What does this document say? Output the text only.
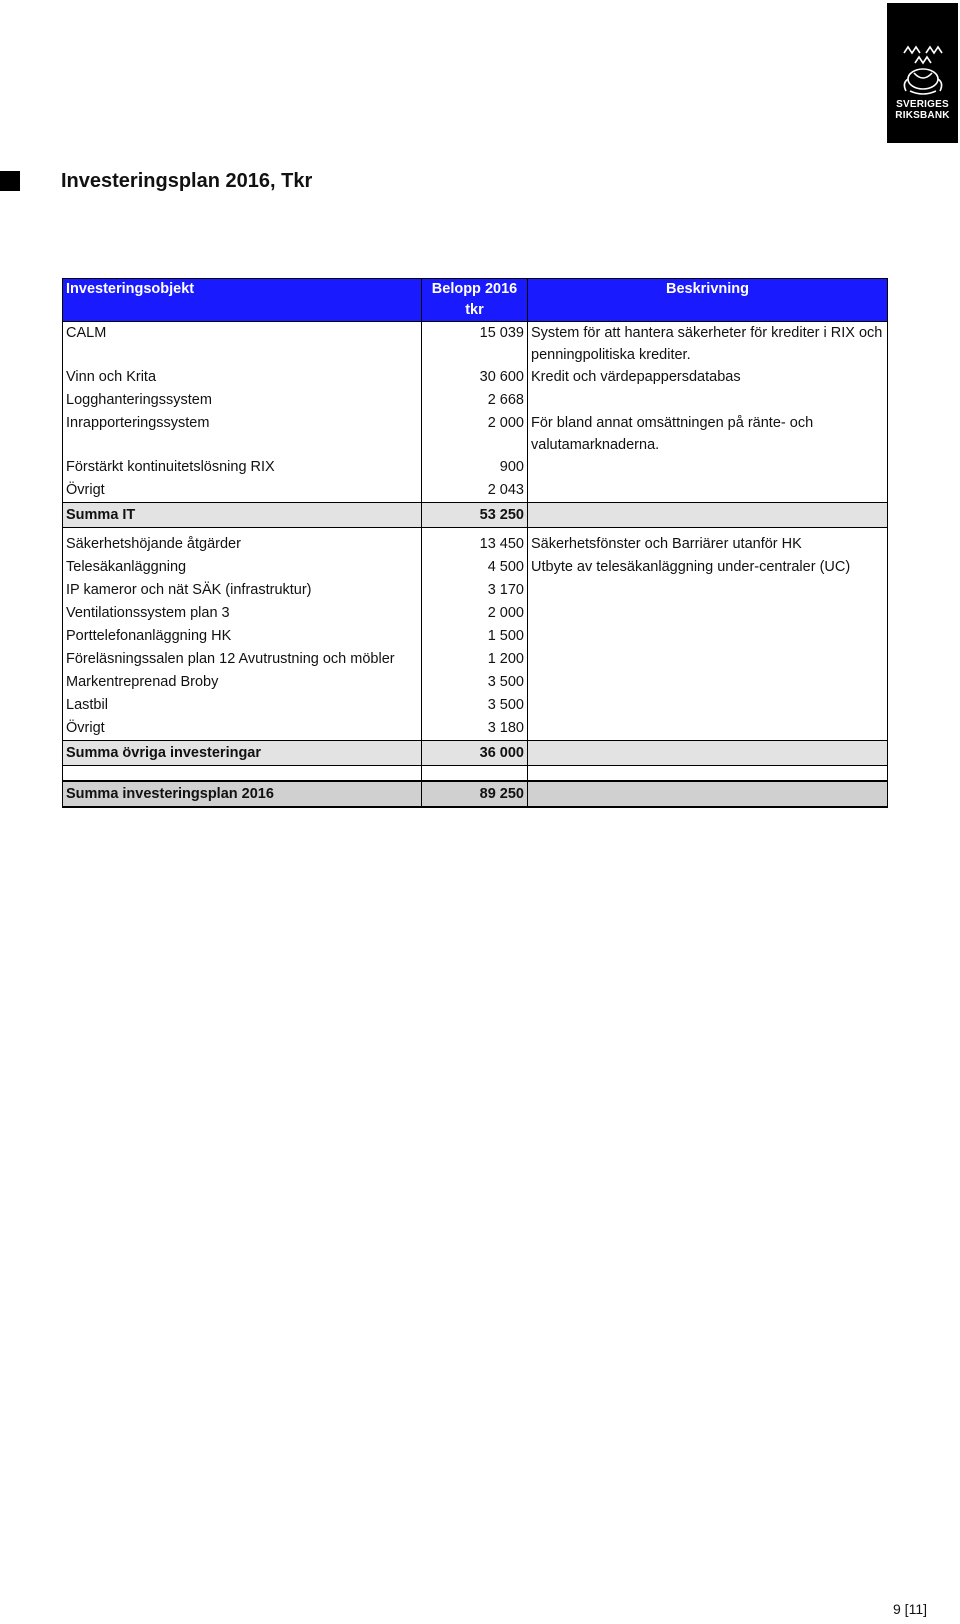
SVERIGES
RIKSBANK
Investeringsplan 2016, Tkr
Investeringsobjekt	Belopp 2016 tkr	Beskrivning
CALM	15 039	System för att hantera säkerheter för krediter i RIX och penningpolitiska krediter.
Vinn och Krita	30 600	Kredit och värdepappersdatabas
Logghanteringssystem	2 668	
Inrapporteringssystem	2 000	För bland annat omsättningen på ränte- och valutamarknaderna.
Förstärkt kontinuitetslösning RIX	900	
Övrigt	2 043	
Summa IT	53 250	

Säkerhetshöjande åtgärder	13 450	Säkerhetsfönster och Barriärer utanför HK
Telesäkanläggning	4 500	Utbyte av telesäkanläggning under-centraler (UC)
IP kameror och nät SÄK (infrastruktur)	3 170	
Ventilationssystem plan 3	2 000	
Porttelefonanläggning HK	1 500	
Föreläsningssalen plan 12 Avutrustning och möbler	1 200	
Markentreprenad Broby	3 500	
Lastbil	3 500	
Övrigt	3 180	
Summa övriga investeringar	36 000	

Summa investeringsplan 2016	89 250	
9 [11]
